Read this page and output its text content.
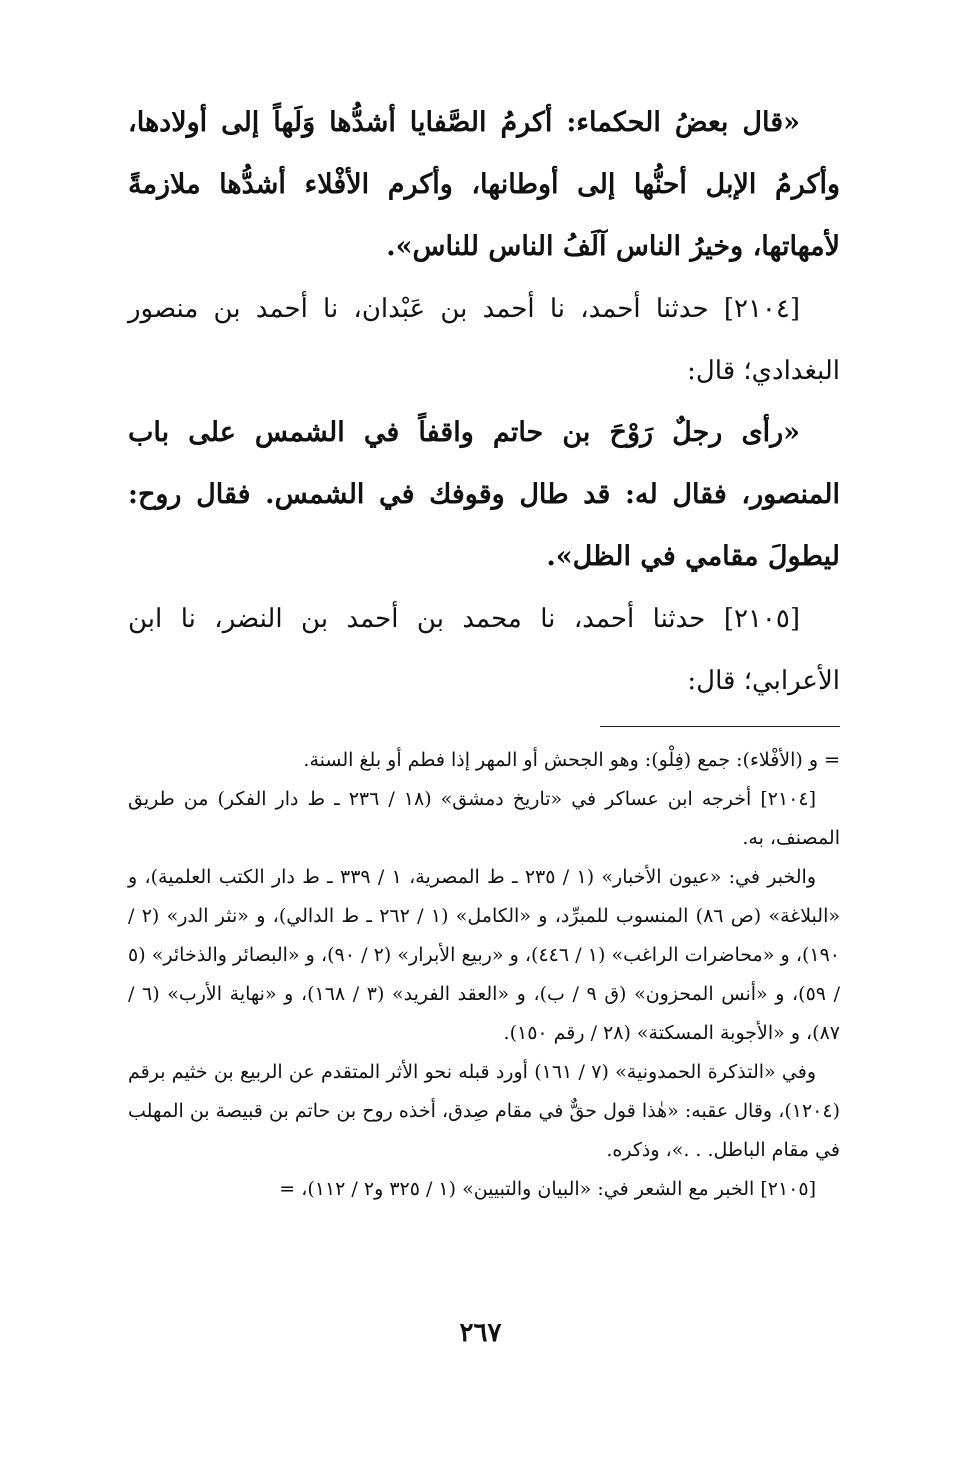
«قال بعضُ الحكماء: أكرمُ الصَّفايا أشدُّها وَلَهاً إلى أولادها، وأكرمُ الإبل أحنُّها إلى أوطانها، وأكرم الأفْلاء أشدُّها ملازمةً لأمهاتها، وخيرُ الناس آلَفُ الناس للناس».

[٢١٠٤] حدثنا أحمد، نا أحمد بن عَبْدان، نا أحمد بن منصور البغدادي؛ قال:

«رأى رجلٌ رَوْحَ بن حاتم واقفاً في الشمس على باب المنصور، فقال له: قد طال وقوفك في الشمس. فقال روح: ليطولَ مقامي في الظل».

[٢١٠٥] حدثنا أحمد، نا محمد بن أحمد بن النضر، نا ابن الأعرابي؛ قال:

= و (الأفْلاء): جمع (فِلْو): وهو الجحش أو المهر إذا فطم أو بلغ السنة.

[٢١٠٤] أخرجه ابن عساكر في «تاريخ دمشق» (١٨ / ٢٣٦ ـ ط دار الفكر) من طريق المصنف، به.

والخبر في: «عيون الأخبار» (١ / ٢٣٥ ـ ط المصرية، ١ / ٣٣٩ ـ ط دار الكتب العلمية)، و «البلاغة» (ص ٨٦) المنسوب للمبرِّد، و «الكامل» (١ / ٢٦٢ ـ ط الدالي)، و «نثر الدر» (٢ / ١٩٠)، و «محاضرات الراغب» (١ / ٤٤٦)، و «ربيع الأبرار» (٢ / ٩٠)، و «البصائر والذخائر» (٥ / ٥٩)، و «أنس المحزون» (ق ٩ / ب)، و «العقد الفريد» (٣ / ١٦٨)، و «نهاية الأرب» (٦ / ٨٧)، و «الأجوبة المسكتة» (٢٨ / رقم ١٥٠).

وفي «التذكرة الحمدونية» (٧ / ١٦١) أورد قبله نحو الأثر المتقدم عن الربيع بن خثيم برقم (١٢٠٤)، وقال عقبه: «هٰذا قول حقٌّ في مقام صِدق، أخذه روح بن حاتم بن قبيصة بن المهلب في مقام الباطل. . .»، وذكره.

[٢١٠٥] الخبر مع الشعر في: «البيان والتبيين» (١ / ٣٢٥ و٢ / ١١٢)، =

٢٦٧
